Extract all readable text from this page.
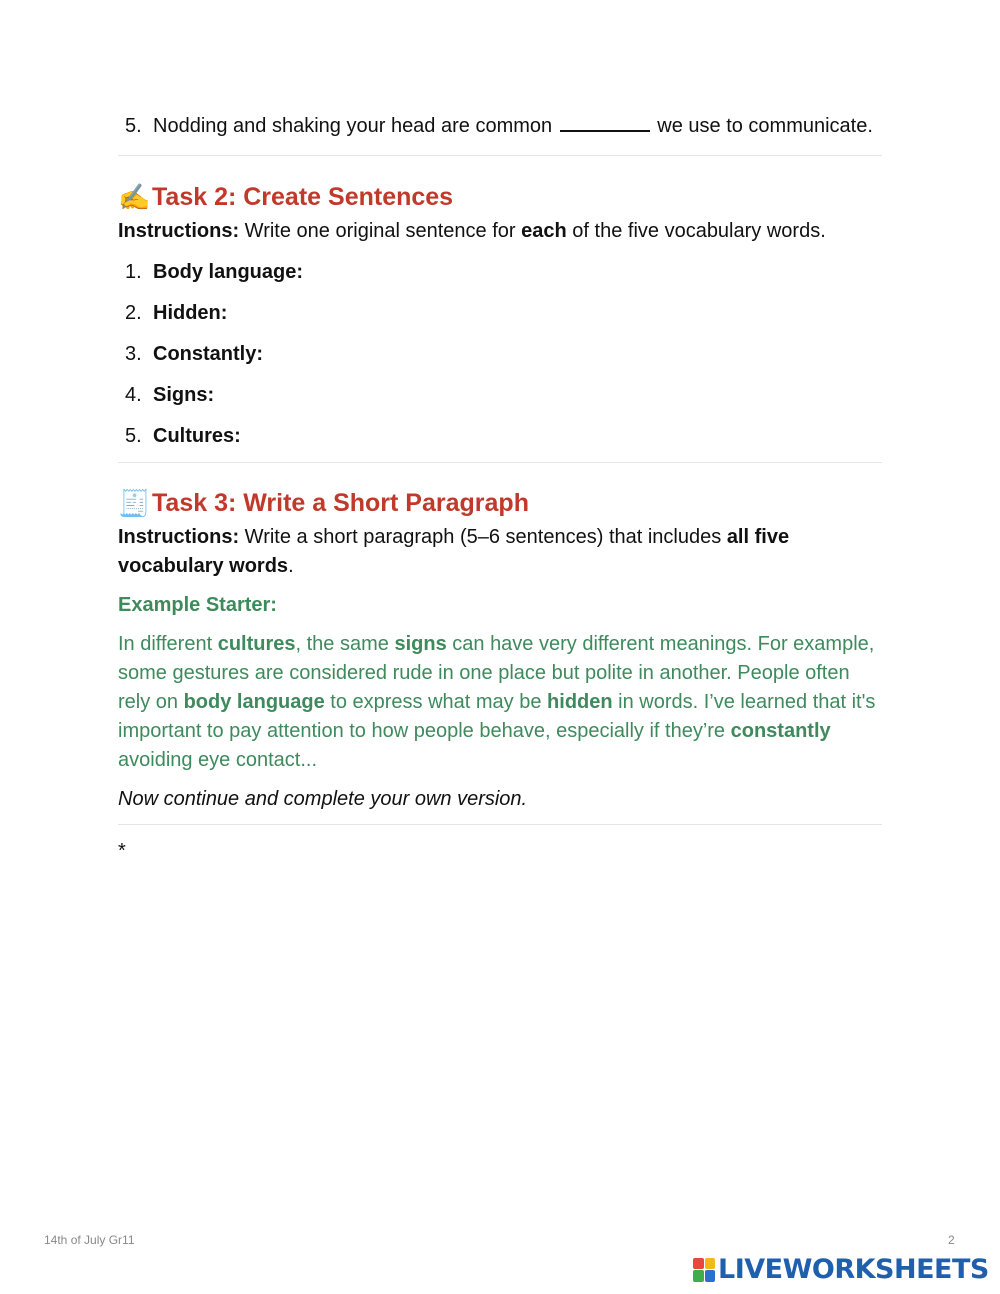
5. Nodding and shaking your head are common	we use to communicate.
✍️ Task 2: Create Sentences
Instructions: Write one original sentence for each of the five vocabulary words.
1. Body language:
2. Hidden:
3. Constantly:
4. Signs:
5. Cultures:
🧾 Task 3: Write a Short Paragraph
Instructions: Write a short paragraph (5–6 sentences) that includes all five vocabulary words.
Example Starter:
In different cultures, the same signs can have very different meanings. For example, some gestures are considered rude in one place but polite in another. People often rely on body language to express what may be hidden in words. I’ve learned that it's important to pay attention to how people behave, especially if they’re constantly avoiding eye contact...
Now continue and complete your own version.
*
14th of July Gr11	2
LIVEWORKSHEETS
